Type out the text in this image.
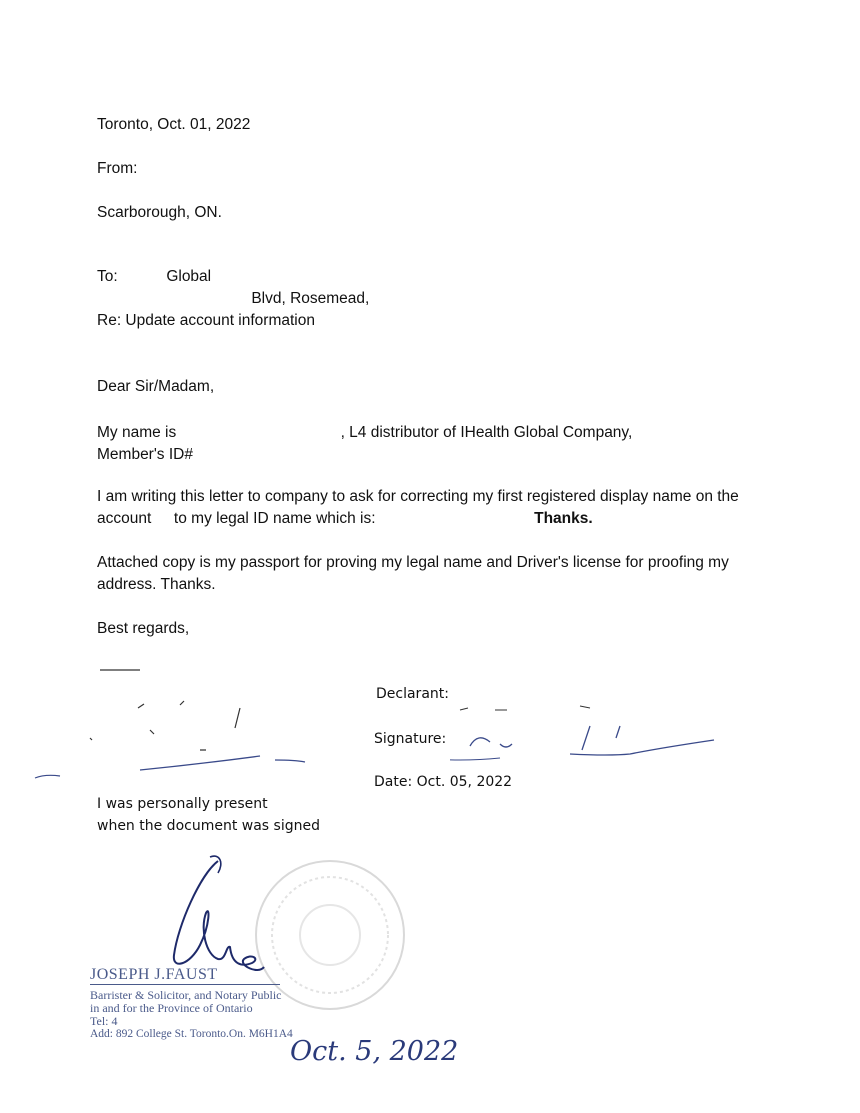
Toronto, Oct. 01, 2022
From:
Scarborough, ON.
To:	Global
Blvd, Rosemead,
Re: Update account information
Dear Sir/Madam,
My name is	, L4 distributor of IHealth Global Company,
Member's ID#
I am writing this letter to company to ask for correcting my first registered display name on the account to my legal ID name which is:	Thanks.
Attached copy is my passport for proving my legal name and Driver's license for proofing my address. Thanks.
Best regards,
Declarant:
Signature:
Date: Oct. 05, 2022
I was personally present
when the document was signed
JOSEPH J.FAUST
Barrister & Solicitor, and Notary Public
in and for the Province of Ontario
Tel: 4
Add: 892 College St. Toronto.On. M6H1A4
Oct. 5, 2022
